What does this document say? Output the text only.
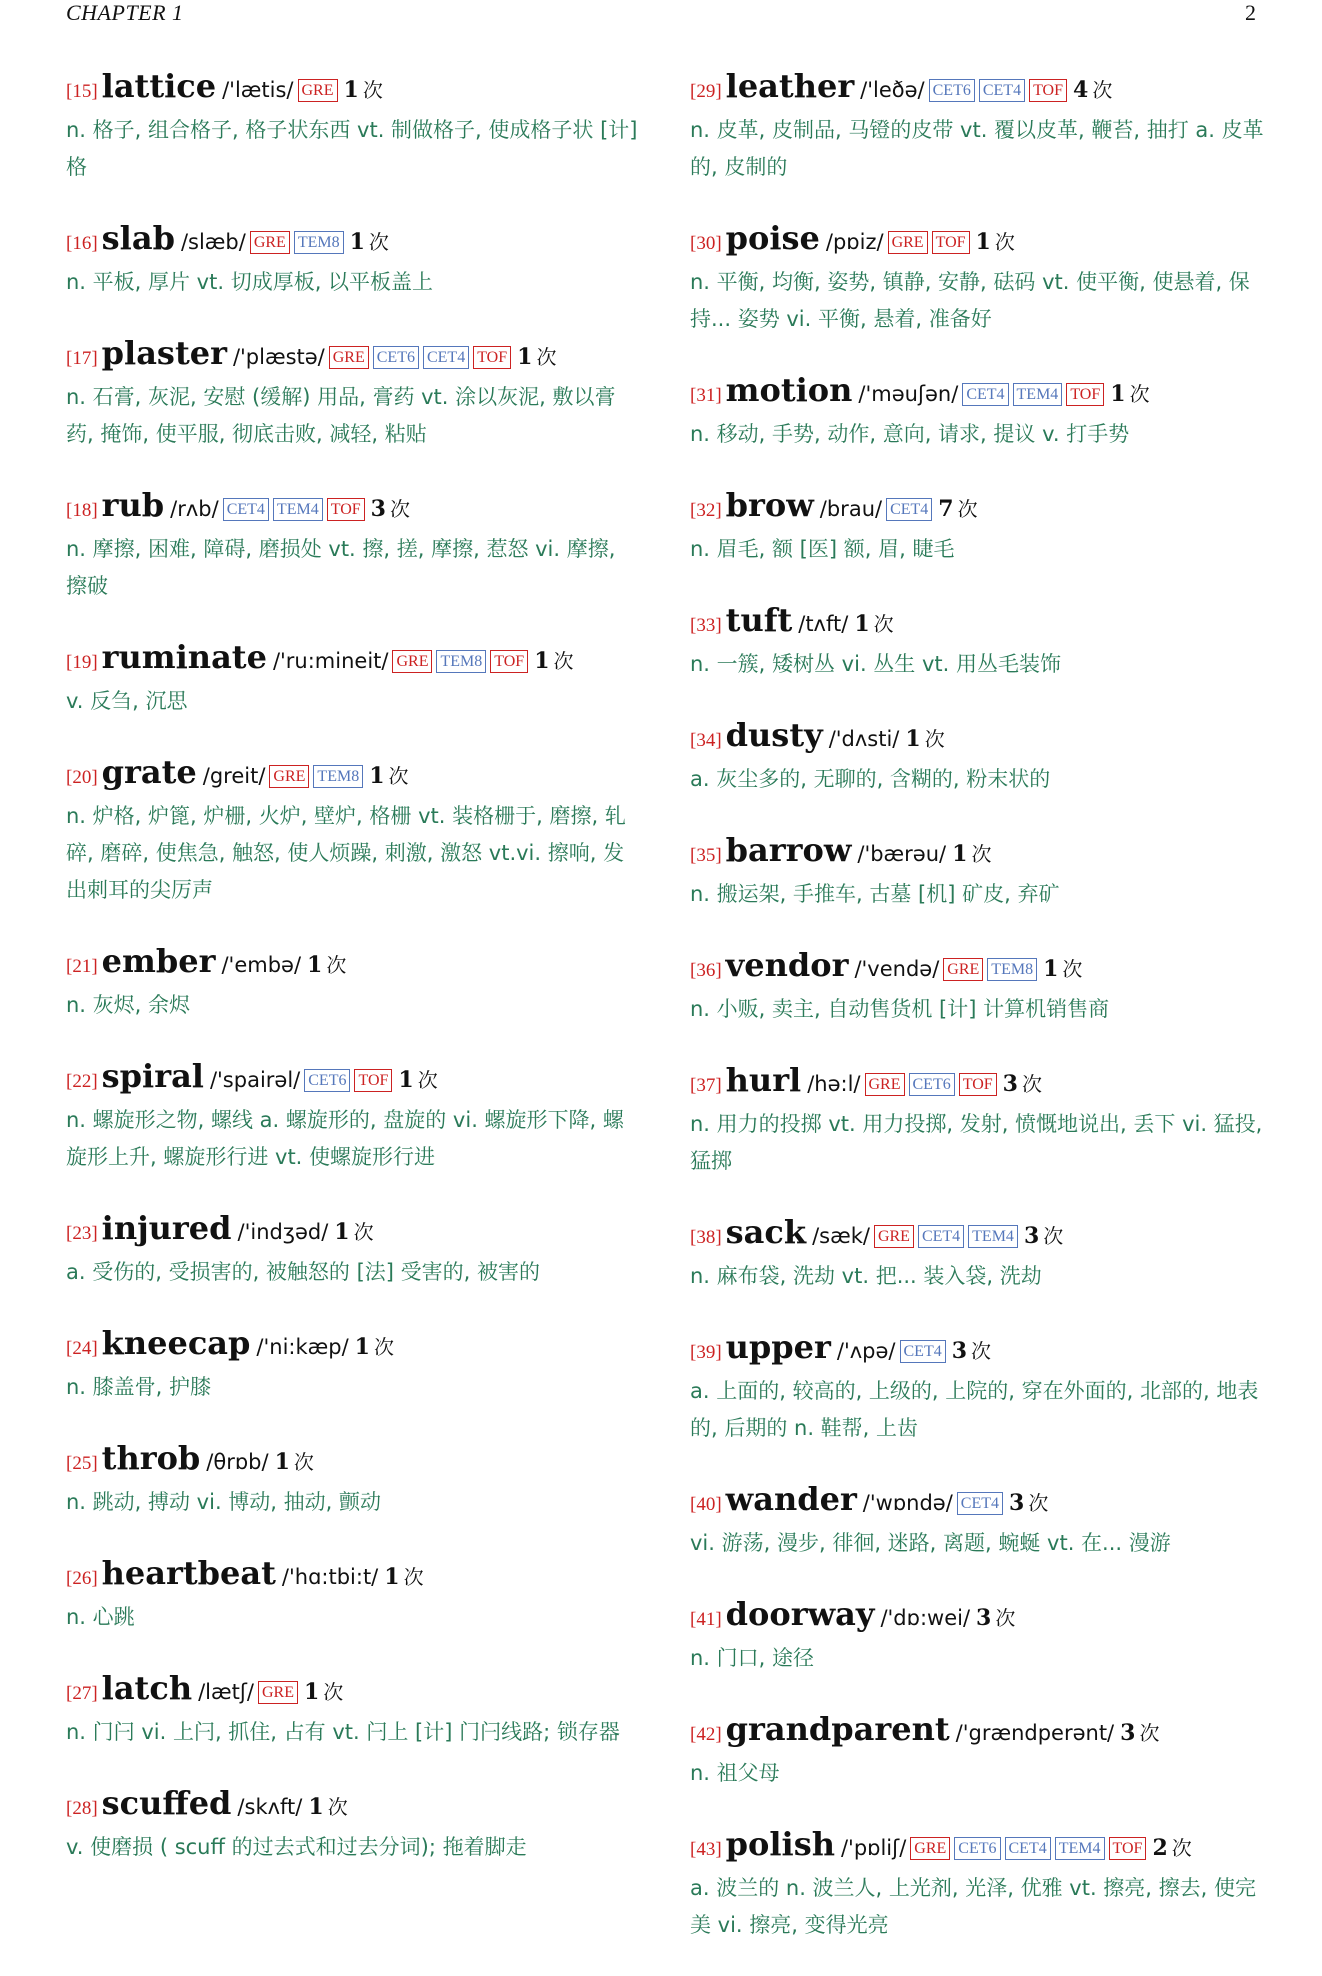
CHAPTER 1	2
[15] lattice /'lætis/ GRE 1 次
n. 格子, 组合格子, 格子状东西 vt. 制做格子, 使成格子状 [计] 格
[16] slab /slæb/ GRE TEM8 1 次
n. 平板, 厚片 vt. 切成厚板, 以平板盖上
[17] plaster /'plæstə/ GRE CET6 CET4 TOF 1 次
n. 石膏, 灰泥, 安慰 (缓解) 用品, 膏药 vt. 涂以灰泥, 敷以膏药, 掩饰, 使平服, 彻底击败, 减轻, 粘贴
[18] rub /rʌb/ CET4 TEM4 TOF 3 次
n. 摩擦, 困难, 障碍, 磨损处 vt. 擦, 搓, 摩擦, 惹怒 vi. 摩擦, 擦破
[19] ruminate /'ru:mineit/ GRE TEM8 TOF 1 次
v. 反刍, 沉思
[20] grate /greit/ GRE TEM8 1 次
n. 炉格, 炉篦, 炉栅, 火炉, 壁炉, 格栅 vt. 装格栅于, 磨擦, 轧碎, 磨碎, 使焦急, 触怒, 使人烦躁, 刺激, 激怒 vt.vi. 擦响, 发出刺耳的尖厉声
[21] ember /'embə/ 1 次
n. 灰烬, 余烬
[22] spiral /'spairəl/ CET6 TOF 1 次
n. 螺旋形之物, 螺线 a. 螺旋形的, 盘旋的 vi. 螺旋形下降, 螺旋形上升, 螺旋形行进 vt. 使螺旋形行进
[23] injured /'indʒəd/ 1 次
a. 受伤的, 受损害的, 被触怒的 [法] 受害的, 被害的
[24] kneecap /'ni:kæp/ 1 次
n. 膝盖骨, 护膝
[25] throb /θrɒb/ 1 次
n. 跳动, 搏动 vi. 博动, 抽动, 颤动
[26] heartbeat /'hɑ:tbi:t/ 1 次
n. 心跳
[27] latch /lætʃ/ GRE 1 次
n. 门闩 vi. 上闩, 抓住, 占有 vt. 闩上 [计] 门闩线路; 锁存器
[28] scuffed /skʌft/ 1 次
v. 使磨损 ( scuff 的过去式和过去分词); 拖着脚走
[29] leather /'leðə/ CET6 CET4 TOF 4 次
n. 皮革, 皮制品, 马镫的皮带 vt. 覆以皮革, 鞭苔, 抽打 a. 皮革的, 皮制的
[30] poise /pɒiz/ GRE TOF 1 次
n. 平衡, 均衡, 姿势, 镇静, 安静, 砝码 vt. 使平衡, 使悬着, 保持... 姿势 vi. 平衡, 悬着, 准备好
[31] motion /'məuʃən/ CET4 TEM4 TOF 1 次
n. 移动, 手势, 动作, 意向, 请求, 提议 v. 打手势
[32] brow /brau/ CET4 7 次
n. 眉毛, 额 [医] 额, 眉, 睫毛
[33] tuft /tʌft/ 1 次
n. 一簇, 矮树丛 vi. 丛生 vt. 用丛毛装饰
[34] dusty /'dʌsti/ 1 次
a. 灰尘多的, 无聊的, 含糊的, 粉末状的
[35] barrow /'bærəu/ 1 次
n. 搬运架, 手推车, 古墓 [机] 矿皮, 弃矿
[36] vendor /'vendə/ GRE TEM8 1 次
n. 小贩, 卖主, 自动售货机 [计] 计算机销售商
[37] hurl /hə:l/ GRE CET6 TOF 3 次
n. 用力的投掷 vt. 用力投掷, 发射, 愤慨地说出, 丢下 vi. 猛投, 猛掷
[38] sack /sæk/ GRE CET4 TEM4 3 次
n. 麻布袋, 洗劫 vt. 把... 装入袋, 洗劫
[39] upper /'ʌpə/ CET4 3 次
a. 上面的, 较高的, 上级的, 上院的, 穿在外面的, 北部的, 地表的, 后期的 n. 鞋帮, 上齿
[40] wander /'wɒndə/ CET4 3 次
vi. 游荡, 漫步, 徘徊, 迷路, 离题, 蜿蜒 vt. 在... 漫游
[41] doorway /'dɒ:wei/ 3 次
n. 门口, 途径
[42] grandparent /'grændperənt/ 3 次
n. 祖父母
[43] polish /'pɒliʃ/ GRE CET6 CET4 TEM4 TOF 2 次
a. 波兰的 n. 波兰人, 上光剂, 光泽, 优雅 vt. 擦亮, 擦去, 使完美 vi. 擦亮, 变得光亮
